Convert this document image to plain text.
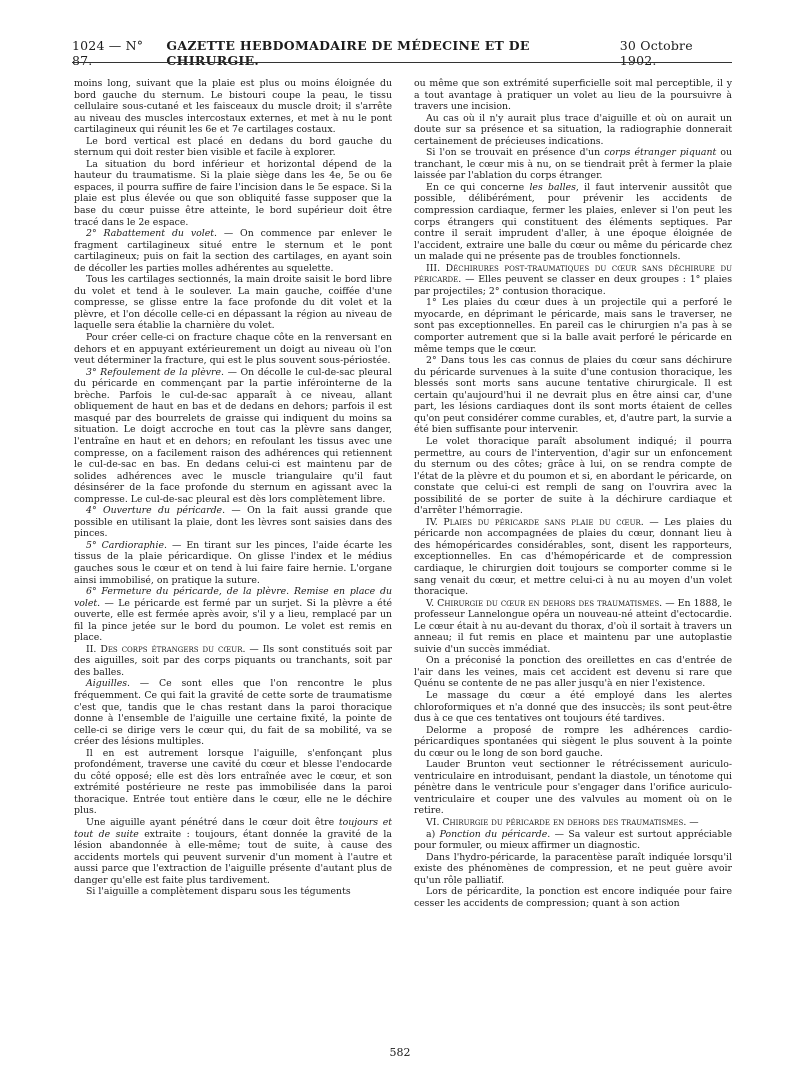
1024 — N° 87.
GAZETTE HEBDOMADAIRE DE MÉDECINE ET DE CHIRURGIE.
30 Octobre 1902.

moins long, suivant que la plaie est plus ou moins éloignée du bord gauche du sternum. Le bistouri coupe la peau, le tissu cellulaire sous-cutané et les faisceaux du muscle droit; il s'arrête au niveau des muscles intercostaux externes, et met à nu le pont cartilagineux qui réunit les 6e et 7e cartilages costaux.

Le bord vertical est placé en dedans du bord gauche du sternum qui doit rester bien visible et facile à explorer.

La situation du bord inférieur et horizontal dépend de la hauteur du traumatisme. Si la plaie siège dans les 4e, 5e ou 6e espaces, il pourra suffire de faire l'incision dans le 5e espace. Si la plaie est plus élevée ou que son obliquité fasse supposer que la base du cœur puisse être atteinte, le bord supérieur doit être tracé dans le 2e espace.

2° Rabattement du volet. — On commence par enlever le fragment cartilagineux situé entre le sternum et le pont cartilagineux; puis on fait la section des cartilages, en ayant soin de décoller les parties molles adhérentes au squelette.

Tous les cartilages sectionnés, la main droite saisit le bord libre du volet et tend à le soulever. La main gauche, coiffée d'une compresse, se glisse entre la face profonde du dit volet et la plèvre, et l'on décolle celle-ci en dépassant la région au niveau de laquelle sera établie la charnière du volet.

Pour créer celle-ci on fracture chaque côte en la renversant en dehors et en appuyant extérieurement un doigt au niveau où l'on veut déterminer la fracture, qui est le plus souvent sous-périostée.

3° Refoulement de la plèvre. — On décolle le cul-de-sac pleural du péricarde en commençant par la partie inférointerne de la brèche. Parfois le cul-de-sac apparaît à ce niveau, allant obliquement de haut en bas et de dedans en dehors; parfois il est masqué par des bourrelets de graisse qui indiquent du moins sa situation. Le doigt accroche en tout cas la plèvre sans danger, l'entraîne en haut et en dehors; en refoulant les tissus avec une compresse, on a facilement raison des adhérences qui retiennent le cul-de-sac en bas. En dedans celui-ci est maintenu par de solides adhérences avec le muscle triangulaire qu'il faut désinsérer de la face profonde du sternum en agissant avec la compresse. Le cul-de-sac pleural est dès lors complètement libre.

4° Ouverture du péricarde. — On la fait aussi grande que possible en utilisant la plaie, dont les lèvres sont saisies dans des pinces.

5° Cardioraphie. — En tirant sur les pinces, l'aide écarte les tissus de la plaie péricardique. On glisse l'index et le médius gauches sous le cœur et on tend à lui faire faire hernie. L'organe ainsi immobilisé, on pratique la suture.

6° Fermeture du péricarde, de la plèvre. Remise en place du volet. — Le péricarde est fermé par un surjet. Si la plèvre a été ouverte, elle est fermée après avoir, s'il y a lieu, remplacé par un fil la pince jetée sur le bord du poumon. Le volet est remis en place.

II. Des corps étrangers du cœur. — Ils sont constitués soit par des aiguilles, soit par des corps piquants ou tranchants, soit par des balles.

Aiguilles. — Ce sont elles que l'on rencontre le plus fréquemment. Ce qui fait la gravité de cette sorte de traumatisme c'est que, tandis que le chas restant dans la paroi thoracique donne à l'ensemble de l'aiguille une certaine fixité, la pointe de celle-ci se dirige vers le cœur qui, du fait de sa mobilité, va se créer des lésions multiples.

Il en est autrement lorsque l'aiguille, s'enfonçant plus profondément, traverse une cavité du cœur et blesse l'endocarde du côté opposé; elle est dès lors entraînée avec le cœur, et son extrémité postérieure ne reste pas immobilisée dans la paroi thoracique. Entrée tout entière dans le cœur, elle ne le déchire plus.

Une aiguille ayant pénétré dans le cœur doit être toujours et tout de suite extraite : toujours, étant donnée la gravité de la lésion abandonnée à elle-même; tout de suite, à cause des accidents mortels qui peuvent survenir d'un moment à l'autre et aussi parce que l'extraction de l'aiguille présente d'autant plus de danger qu'elle est faite plus tardivement.

Si l'aiguille a complètement disparu sous les téguments

ou même que son extrémité superficielle soit mal perceptible, il y a tout avantage à pratiquer un volet au lieu de la poursuivre à travers une incision.

Au cas où il n'y aurait plus trace d'aiguille et où on aurait un doute sur sa présence et sa situation, la radiographie donnerait certainement de précieuses indications.

Si l'on se trouvait en présence d'un corps étranger piquant ou tranchant, le cœur mis à nu, on se tiendrait prêt à fermer la plaie laissée par l'ablation du corps étranger.

En ce qui concerne les balles, il faut intervenir aussitôt que possible, délibérément, pour prévenir les accidents de compression cardiaque, fermer les plaies, enlever si l'on peut les corps étrangers qui constituent des éléments septiques. Par contre il serait imprudent d'aller, à une époque éloignée de l'accident, extraire une balle du cœur ou même du péricarde chez un malade qui ne présente pas de troubles fonctionnels.

III. Déchirures post-traumatiques du cœur sans déchirure du péricarde. — Elles peuvent se classer en deux groupes : 1° plaies par projectiles; 2° contusion thoracique.

1° Les plaies du cœur dues à un projectile qui a perforé le myocarde, en déprimant le péricarde, mais sans le traverser, ne sont pas exceptionnelles. En pareil cas le chirurgien n'a pas à se comporter autrement que si la balle avait perforé le péricarde en même temps que le cœur.

2° Dans tous les cas connus de plaies du cœur sans déchirure du péricarde survenues à la suite d'une contusion thoracique, les blessés sont morts sans aucune tentative chirurgicale. Il est certain qu'aujourd'hui il ne devrait plus en être ainsi car, d'une part, les lésions cardiaques dont ils sont morts étaient de celles qu'on peut considérer comme curables, et, d'autre part, la survie a été bien suffisante pour intervenir.

Le volet thoracique paraît absolument indiqué; il pourra permettre, au cours de l'intervention, d'agir sur un enfoncement du sternum ou des côtes; grâce à lui, on se rendra compte de l'état de la plèvre et du poumon et si, en abordant le péricarde, on constate que celui-ci est rempli de sang on l'ouvrira avec la possibilité de se porter de suite à la déchirure cardiaque et d'arrêter l'hémorragie.

IV. Plaies du péricarde sans plaie du cœur. — Les plaies du péricarde non accompagnées de plaies du cœur, donnant lieu à des hémopéricardes considérables, sont, disent les rapporteurs, exceptionnelles. En cas d'hémopéricarde et de compression cardiaque, le chirurgien doit toujours se comporter comme si le sang venait du cœur, et mettre celui-ci à nu au moyen d'un volet thoracique.

V. Chirurgie du cœur en dehors des traumatismes. — En 1888, le professeur Lannelongue opéra un nouveau-né atteint d'ectocardie. Le cœur était à nu au-devant du thorax, d'où il sortait à travers un anneau; il fut remis en place et maintenu par une autoplastie suivie d'un succès immédiat.

On a préconisé la ponction des oreillettes en cas d'entrée de l'air dans les veines, mais cet accident est devenu si rare que Quénu se contente de ne pas aller jusqu'à en nier l'existence.

Le massage du cœur a été employé dans les alertes chloroformiques et n'a donné que des insuccès; ils sont peut-être dus à ce que ces tentatives ont toujours été tardives.

Delorme a proposé de rompre les adhérences cardio-péricardiques spontanées qui siègent le plus souvent à la pointe du cœur ou le long de son bord gauche.

Lauder Brunton veut sectionner le rétrécissement auriculo-ventriculaire en introduisant, pendant la diastole, un ténotome qui pénètre dans le ventricule pour s'engager dans l'orifice auriculo-ventriculaire et couper une des valvules au moment où on le retire.

VI. Chirurgie du péricarde en dehors des traumatismes. —

a) Ponction du péricarde. — Sa valeur est surtout appréciable pour formuler, ou mieux affirmer un diagnostic.

Dans l'hydro-péricarde, la paracentèse paraît indiquée lorsqu'il existe des phénomènes de compression, et ne peut guère avoir qu'un rôle palliatif.

Lors de péricardite, la ponction est encore indiquée pour faire cesser les accidents de compression; quant à son action

582
